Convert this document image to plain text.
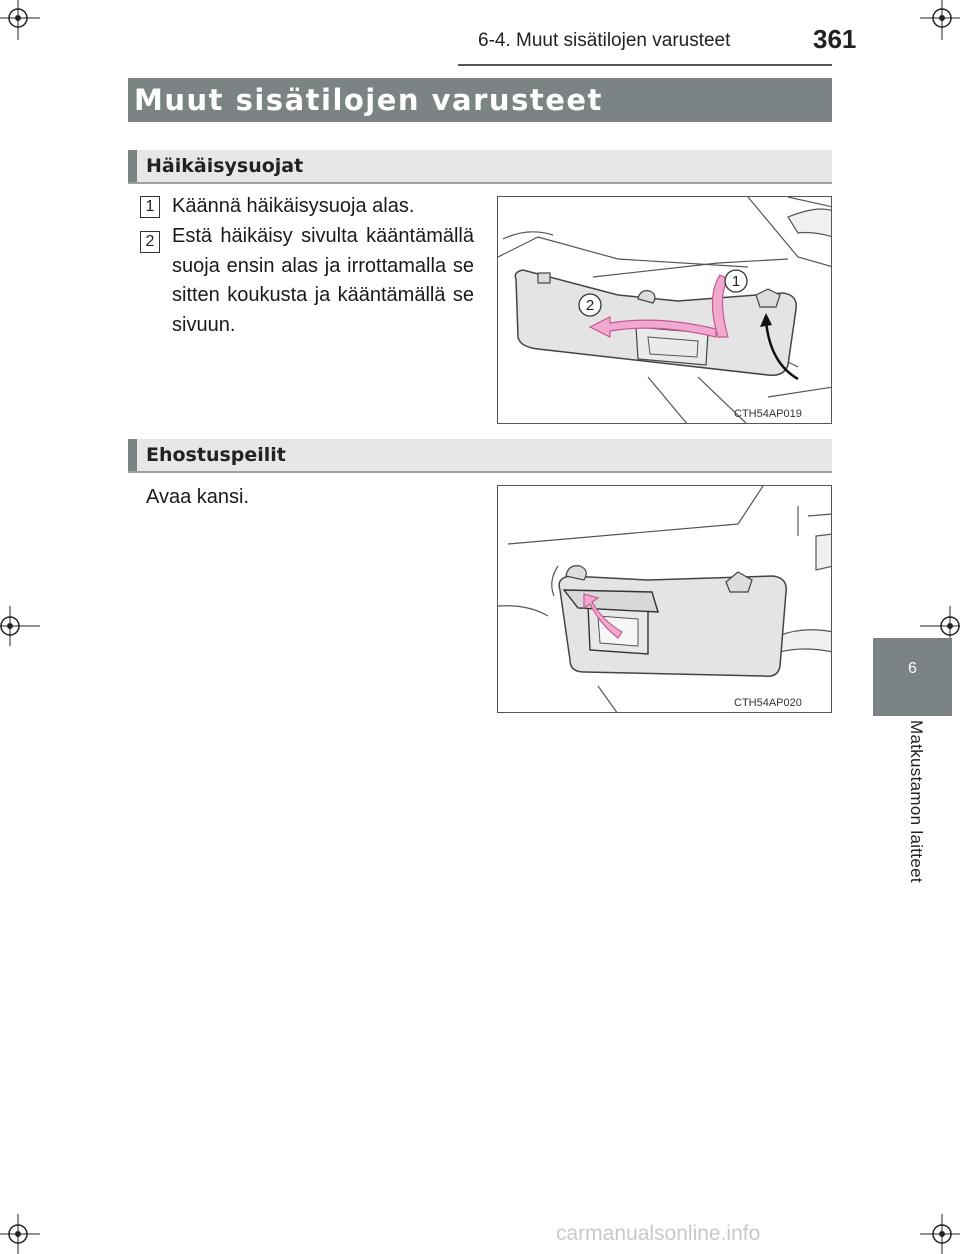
6-4. Muut sisätilojen varusteet	361
Muut sisätilojen varusteet
Häikäisysuojat
1 Käännä häikäisysuoja alas.
2 Estä häikäisy sivulta kääntämällä suoja ensin alas ja irrottamalla se sitten koukusta ja kääntämällä se sivuun.
1
2
CTH54AP019
Ehostuspeilit
Avaa kansi.
CTH54AP020
6
Matkustamon laitteet
carmanualsonline.info
